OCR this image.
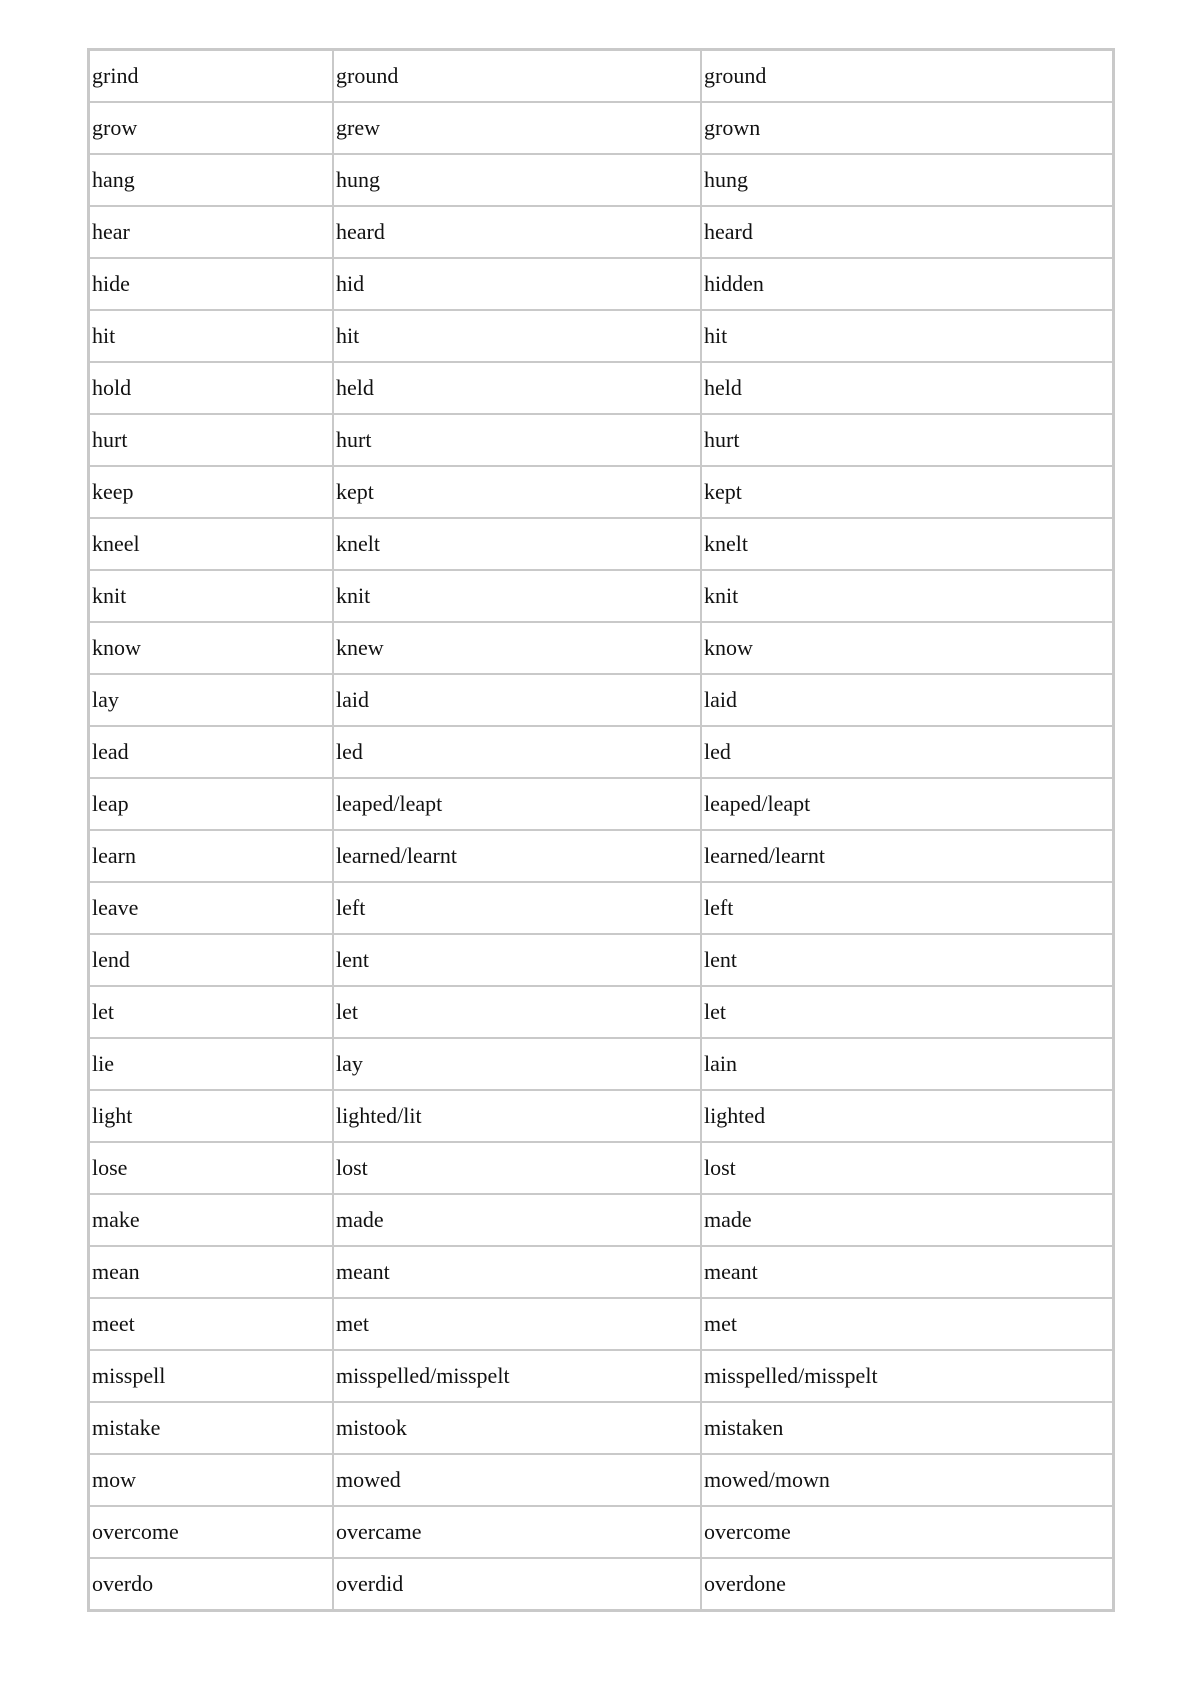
grind	ground	ground
grow	grew	grown
hang	hung	hung
hear	heard	heard
hide	hid	hidden
hit	hit	hit
hold	held	held
hurt	hurt	hurt
keep	kept	kept
kneel	knelt	knelt
knit	knit	knit
know	knew	know
lay	laid	laid
lead	led	led
leap	leaped/leapt	leaped/leapt
learn	learned/learnt	learned/learnt
leave	left	left
lend	lent	lent
let	let	let
lie	lay	lain
light	lighted/lit	lighted
lose	lost	lost
make	made	made
mean	meant	meant
meet	met	met
misspell	misspelled/misspelt	misspelled/misspelt
mistake	mistook	mistaken
mow	mowed	mowed/mown
overcome	overcame	overcome
overdo	overdid	overdone
